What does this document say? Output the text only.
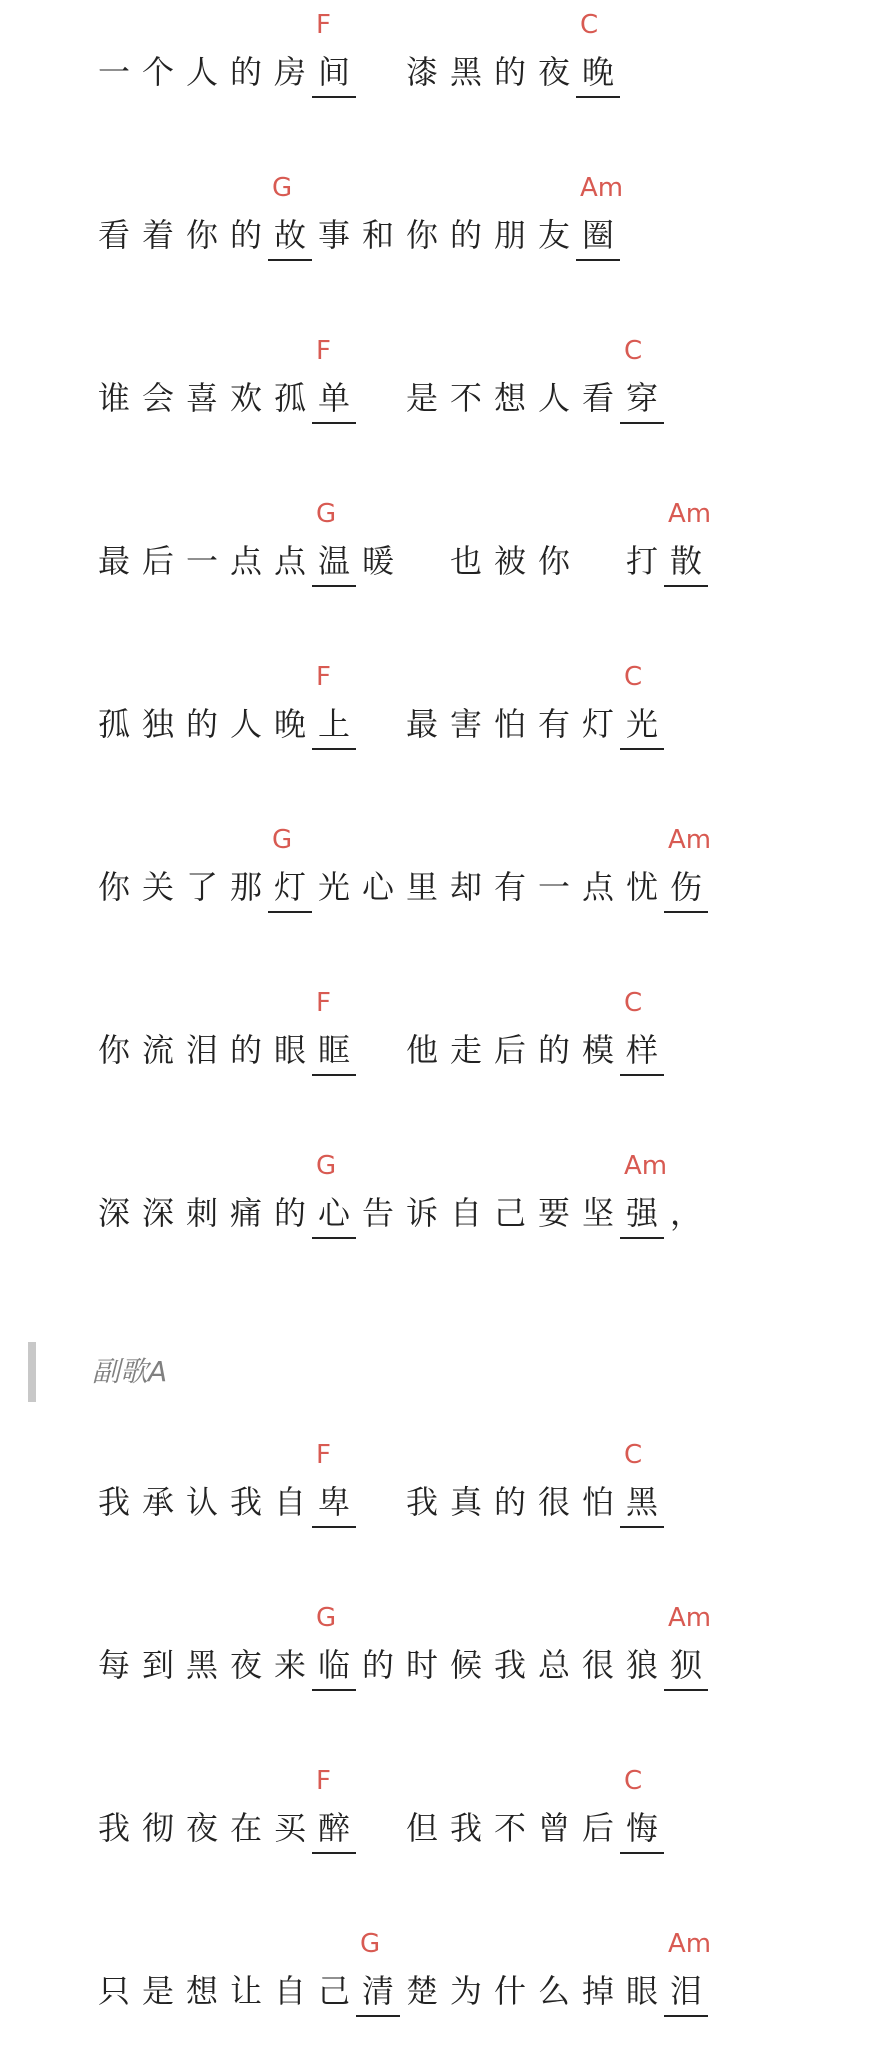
F	C
一 个 人 的 房 间 漆 黑 的 夜 晚
G	Am
看 着 你 的 故 事 和 你 的 朋 友 圈
F	C
谁 会 喜 欢 孤 单 是 不 想 人 看 穿
G	Am
最 后 一 点 点 温 暖 也 被 你 打 散
F	C
孤 独 的 人 晚 上 最 害 怕 有 灯 光
G	Am
你 关 了 那 灯 光 心 里 却 有 一 点 忧 伤
F	C
你 流 泪 的 眼 眶 他 走 后 的 模 样
G	Am
深 深 刺 痛 的 心 告 诉 自 己 要 坚 强 ，
副歌A
F	C
我 承 认 我 自 卑 我 真 的 很 怕 黑
G	Am
每 到 黑 夜 来 临 的 时 候 我 总 很 狼 狈
F	C
我 彻 夜 在 买 醉 但 我 不 曾 后 悔
G	Am
只 是 想 让 自 己 清 楚 为 什 么 掉 眼 泪
